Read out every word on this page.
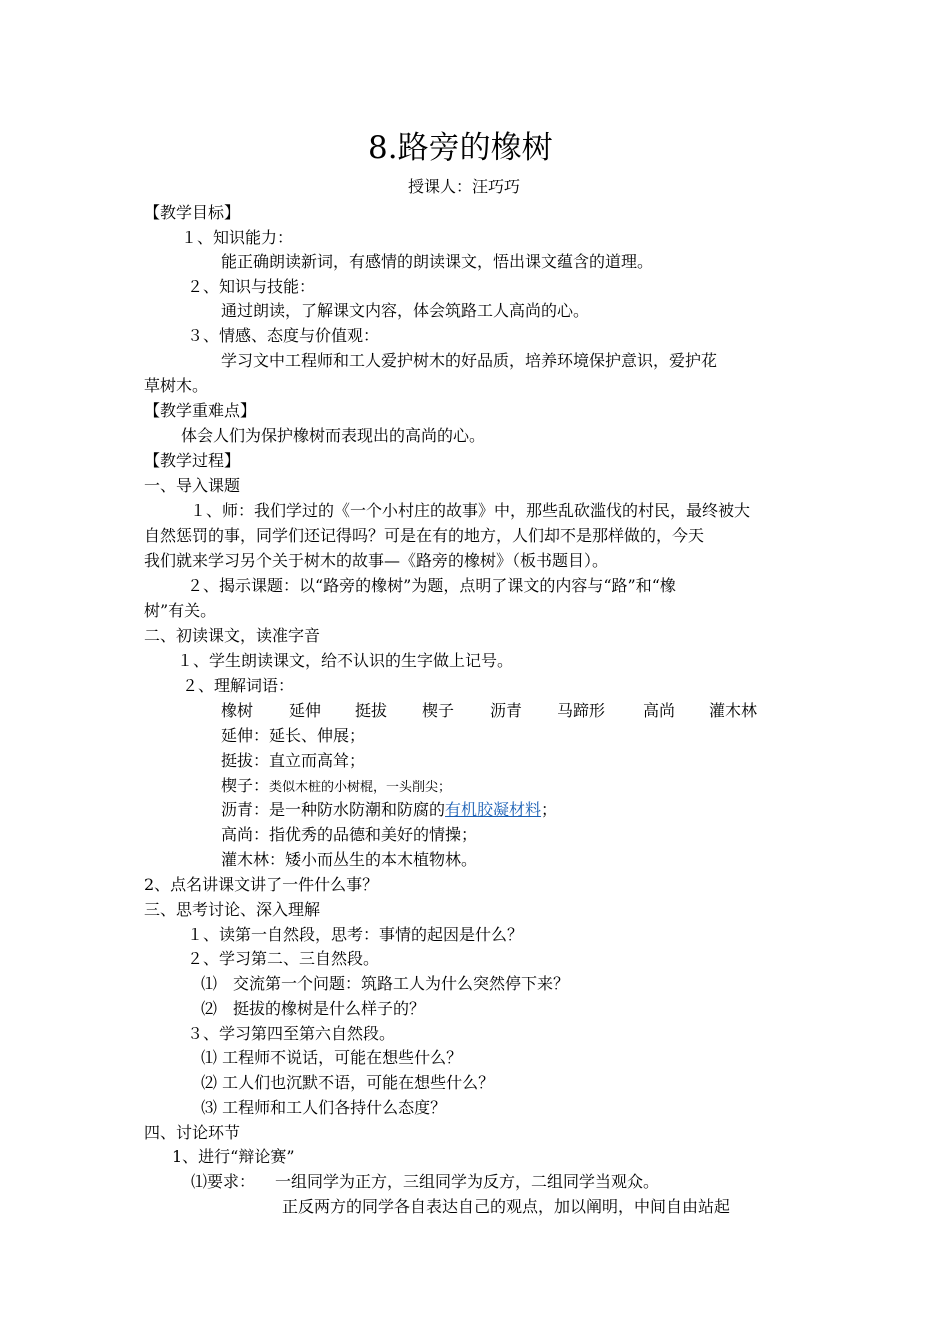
8.路旁的橡树
授课人：汪巧巧
【教学目标】
１、知识能力：
能正确朗读新词，有感情的朗读课文，悟出课文蕴含的道理。
２、知识与技能：
通过朗读，了解课文内容，体会筑路工人高尚的心。
３、情感、态度与价值观：
学习文中工程师和工人爱护树木的好品质，培养环境保护意识，爱护花
草树木。
【教学重难点】
体会人们为保护橡树而表现出的高尚的心。
【教学过程】
一、导入课题
１、师：我们学过的《一个小村庄的故事》中，那些乱砍滥伐的村民，最终被大
自然惩罚的事，同学们还记得吗？可是在有的地方，人们却不是那样做的，今天
我们就来学习另个关于树木的故事—《路旁的橡树》（板书题目）。
２、揭示课题：以“路旁的橡树”为题，点明了课文的内容与“路”和“橡
树”有关。
二、初读课文，读准字音
１、学生朗读课文，给不认识的生字做上记号。
２、理解词语：
橡树 延伸 挺拔 楔子 沥青 马蹄形 高尚 灌木林
延伸：延长、伸展；
挺拔：直立而高耸；
楔子：类似木桩的小树棍，一头削尖；
沥青：是一种防水防潮和防腐的有机胶凝材料；
高尚：指优秀的品德和美好的情操；
灌木林：矮小而丛生的本木植物林。
2、点名讲课文讲了一件什么事？
三、思考讨论、深入理解
１、读第一自然段，思考：事情的起因是什么？
２、学习第二、三自然段。
⑴　交流第一个问题：筑路工人为什么突然停下来？
⑵　挺拔的橡树是什么样子的？
３、学习第四至第六自然段。
⑴ 工程师不说话，可能在想些什么？
⑵ 工人们也沉默不语，可能在想些什么？
⑶ 工程师和工人们各持什么态度？
四、讨论环节
1、进行“辩论赛”
⑴要求： 一组同学为正方，三组同学为反方，二组同学当观众。
正反两方的同学各自表达自己的观点，加以阐明，中间自由站起
